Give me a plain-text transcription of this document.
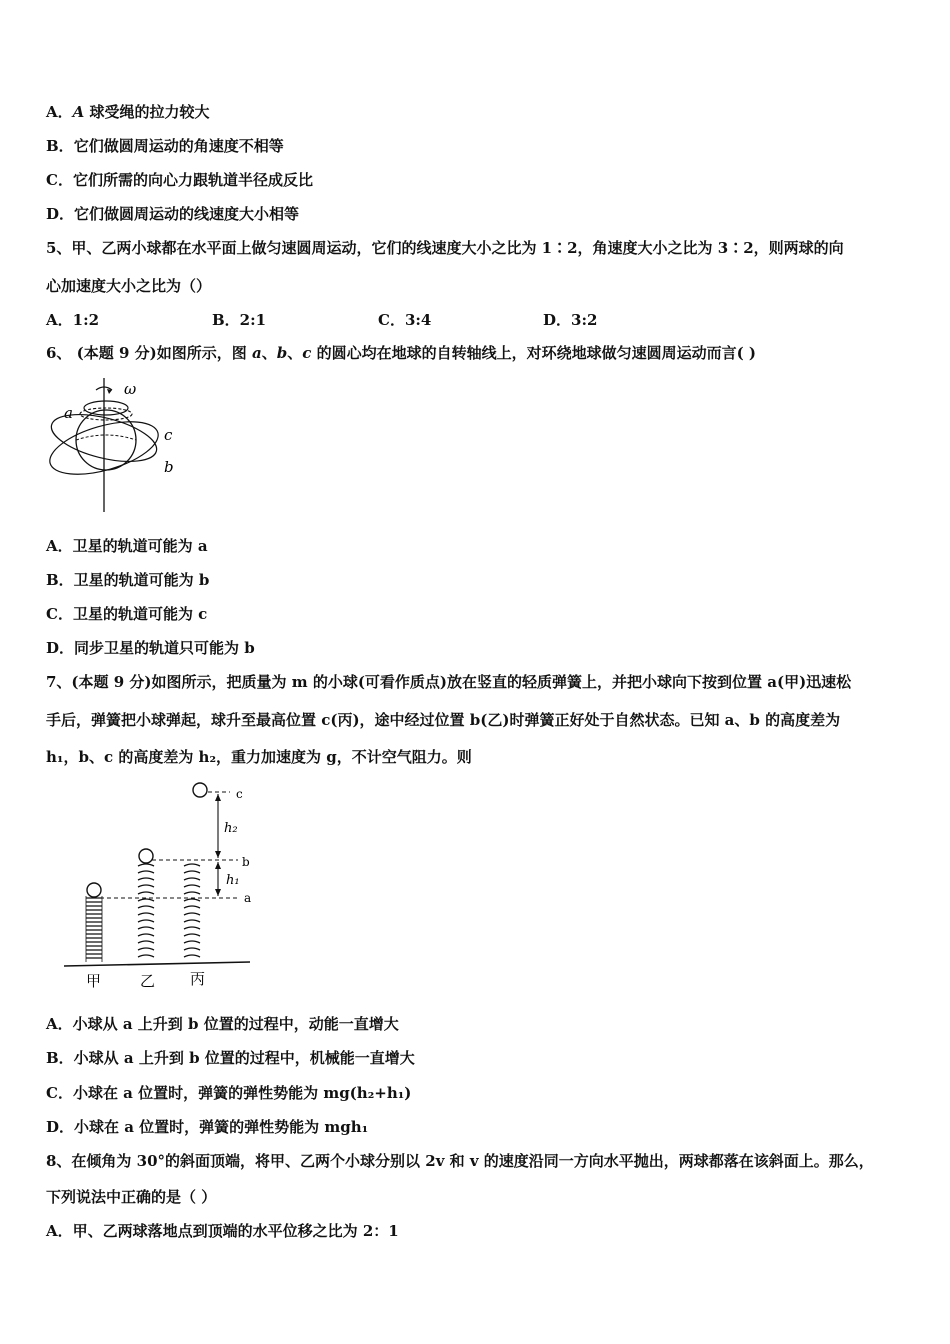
A．A 球受绳的拉力较大
B．它们做圆周运动的角速度不相等
C．它们所需的向心力跟轨道半径成反比
D．它们做圆周运动的线速度大小相等
5、甲、乙两小球都在水平面上做匀速圆周运动，它们的线速度大小之比为 1∶2，角速度大小之比为 3∶2，则两球的向
心加速度大小之比为（）
A．1:2	B．2:1	C．3:4	D．3:2
6、 (本题 9 分)如图所示，图 a、b、c 的圆心均在地球的自转轴线上，对环绕地球做匀速圆周运动而言( )
ω
a
c
b
A．卫星的轨道可能为 a
B．卫星的轨道可能为 b
C．卫星的轨道可能为 c
D．同步卫星的轨道只可能为 b
7、(本题 9 分)如图所示，把质量为 m 的小球(可看作质点)放在竖直的轻质弹簧上，并把小球向下按到位置 a(甲)迅速松
手后，弹簧把小球弹起，球升至最高位置 c(丙)，途中经过位置 b(乙)时弹簧正好处于自然状态。已知 a、b 的高度差为
h₁，b、c 的高度差为 h₂，重力加速度为 g，不计空气阻力。则
c
b
a
h₂
h₁
甲	乙 丙
A．小球从 a 上升到 b 位置的过程中，动能一直增大
B．小球从 a 上升到 b 位置的过程中，机械能一直增大
C．小球在 a 位置时，弹簧的弹性势能为 mg(h₂+h₁)
D．小球在 a 位置时，弹簧的弹性势能为 mgh₁
8、在倾角为 30°的斜面顶端，将甲、乙两个小球分别以 2v 和 v 的速度沿同一方向水平抛出，两球都落在该斜面上。那么，
下列说法中正确的是（ ）
A．甲、乙两球落地点到顶端的水平位移之比为 2：1
